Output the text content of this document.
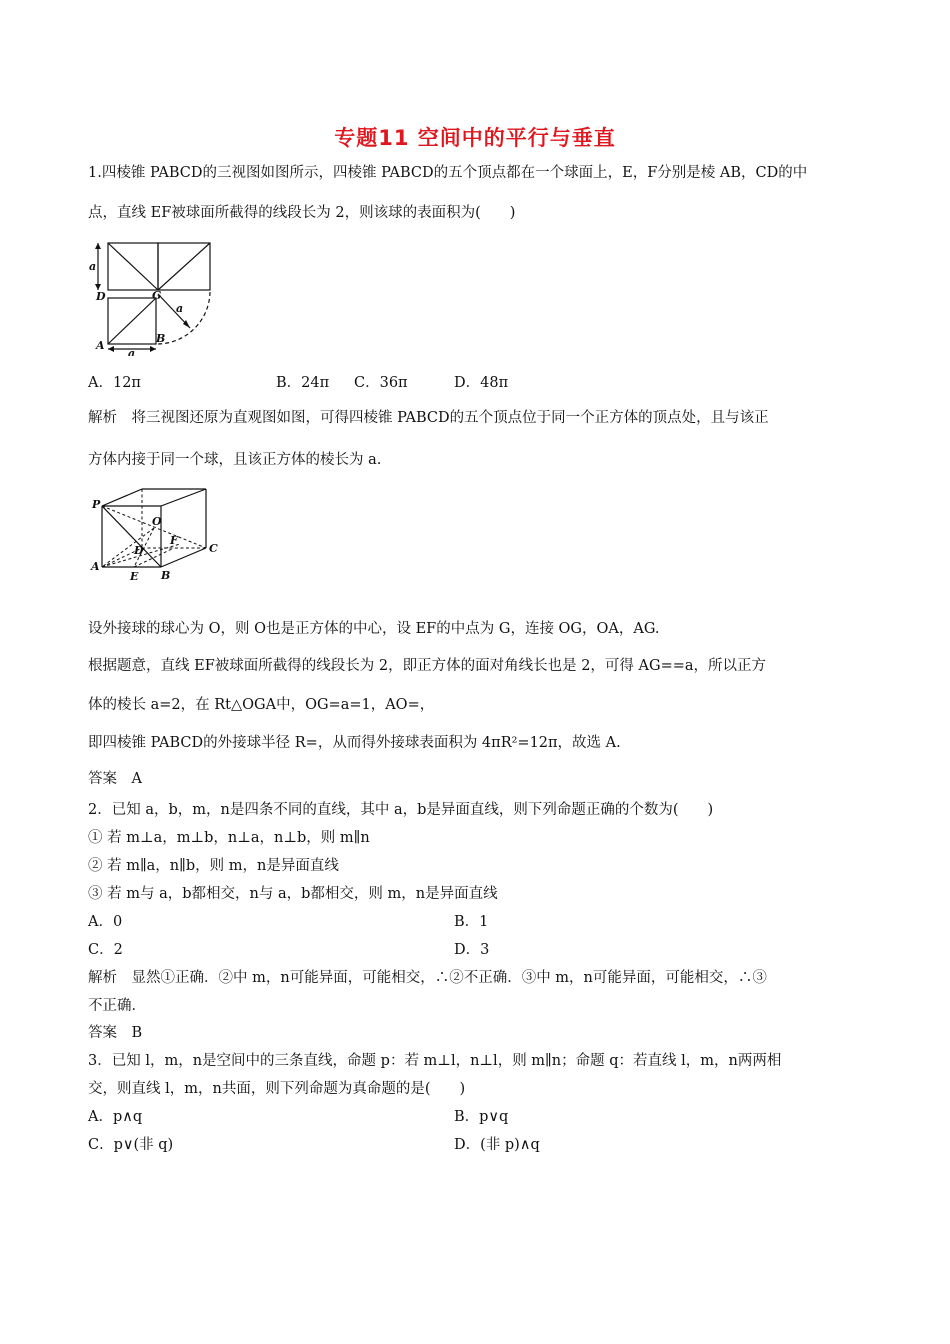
专题11 空间中的平行与垂直
1.四棱锥 PABCD的三视图如图所示，四棱锥 PABCD的五个顶点都在一个球面上，E，F分别是棱 AB，CD的中
点，直线 EF被球面所截得的线段长为 2，则该球的表面积为(　　)
a
D	G
a
A
B
a
A．12π	B．24π C．36π	D．48π
解析　将三视图还原为直观图如图，可得四棱锥 PABCD的五个顶点位于同一个正方体的顶点处，且与该正
方体内接于同一个球，且该正方体的棱长为 a.
P
O
D
F
C
A
E B
设外接球的球心为 O，则 O也是正方体的中心，设 EF的中点为 G，连接 OG，OA，AG.
根据题意，直线 EF被球面所截得的线段长为 2，即正方体的面对角线长也是 2，可得 AG==a，所以正方
体的棱长 a=2，在 Rt△OGA中，OG=a=1，AO=，
即四棱锥 PABCD的外接球半径 R=，从而得外接球表面积为 4πR²=12π，故选 A.
答案　A
2．已知 a，b，m，n是四条不同的直线，其中 a，b是异面直线，则下列命题正确的个数为(　　)
① 若 m⊥a，m⊥b，n⊥a，n⊥b，则 m∥n
② 若 m∥a，n∥b，则 m，n是异面直线
③ 若 m与 a，b都相交，n与 a，b都相交，则 m，n是异面直线
A．0	B．1
C．2	D．3
解析　显然①正确．②中 m，n可能异面，可能相交，∴②不正确．③中 m，n可能异面，可能相交，∴③
不正确．
答案　B
3．已知 l，m，n是空间中的三条直线，命题 p：若 m⊥l，n⊥l，则 m∥n；命题 q：若直线 l，m，n两两相
交，则直线 l，m，n共面，则下列命题为真命题的是(　　)
A．p∧q	B．p∨q
C．p∨(非 q)	D．(非 p)∧q
